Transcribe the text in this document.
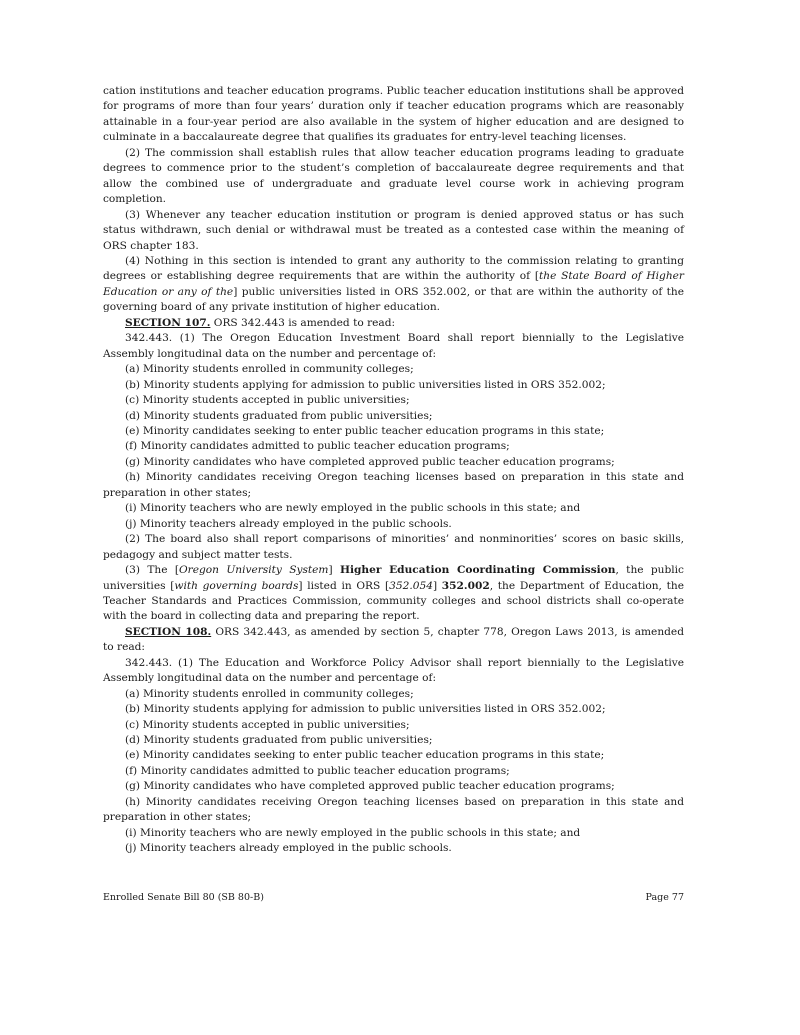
cation institutions and teacher education programs. Public teacher education institutions shall be approved for programs of more than four years’ duration only if teacher education programs which are reasonably attainable in a four-year period are also available in the system of higher education and are designed to culminate in a baccalaureate degree that qualifies its graduates for entry-level teaching licenses.

(2) The commission shall establish rules that allow teacher education programs leading to graduate degrees to commence prior to the student’s completion of baccalaureate degree requirements and that allow the combined use of undergraduate and graduate level course work in achieving program completion.

(3) Whenever any teacher education institution or program is denied approved status or has such status withdrawn, such denial or withdrawal must be treated as a contested case within the meaning of ORS chapter 183.

(4) Nothing in this section is intended to grant any authority to the commission relating to granting degrees or establishing degree requirements that are within the authority of [the State Board of Higher Education or any of the] public universities listed in ORS 352.002, or that are within the authority of the governing board of any private institution of higher education.

SECTION 107. ORS 342.443 is amended to read:

342.443. (1) The Oregon Education Investment Board shall report biennially to the Legislative Assembly longitudinal data on the number and percentage of:

(a) Minority students enrolled in community colleges;

(b) Minority students applying for admission to public universities listed in ORS 352.002;

(c) Minority students accepted in public universities;

(d) Minority students graduated from public universities;

(e) Minority candidates seeking to enter public teacher education programs in this state;

(f) Minority candidates admitted to public teacher education programs;

(g) Minority candidates who have completed approved public teacher education programs;

(h) Minority candidates receiving Oregon teaching licenses based on preparation in this state and preparation in other states;

(i) Minority teachers who are newly employed in the public schools in this state; and

(j) Minority teachers already employed in the public schools.

(2) The board also shall report comparisons of minorities’ and nonminorities’ scores on basic skills, pedagogy and subject matter tests.

(3) The [Oregon University System] Higher Education Coordinating Commission, the public universities [with governing boards] listed in ORS [352.054] 352.002, the Department of Education, the Teacher Standards and Practices Commission, community colleges and school districts shall co-operate with the board in collecting data and preparing the report.

SECTION 108. ORS 342.443, as amended by section 5, chapter 778, Oregon Laws 2013, is amended to read:

342.443. (1) The Education and Workforce Policy Advisor shall report biennially to the Legislative Assembly longitudinal data on the number and percentage of:

(a) Minority students enrolled in community colleges;

(b) Minority students applying for admission to public universities listed in ORS 352.002;

(c) Minority students accepted in public universities;

(d) Minority students graduated from public universities;

(e) Minority candidates seeking to enter public teacher education programs in this state;

(f) Minority candidates admitted to public teacher education programs;

(g) Minority candidates who have completed approved public teacher education programs;

(h) Minority candidates receiving Oregon teaching licenses based on preparation in this state and preparation in other states;

(i) Minority teachers who are newly employed in the public schools in this state; and

(j) Minority teachers already employed in the public schools.

Enrolled Senate Bill 80 (SB 80-B)	Page 77
